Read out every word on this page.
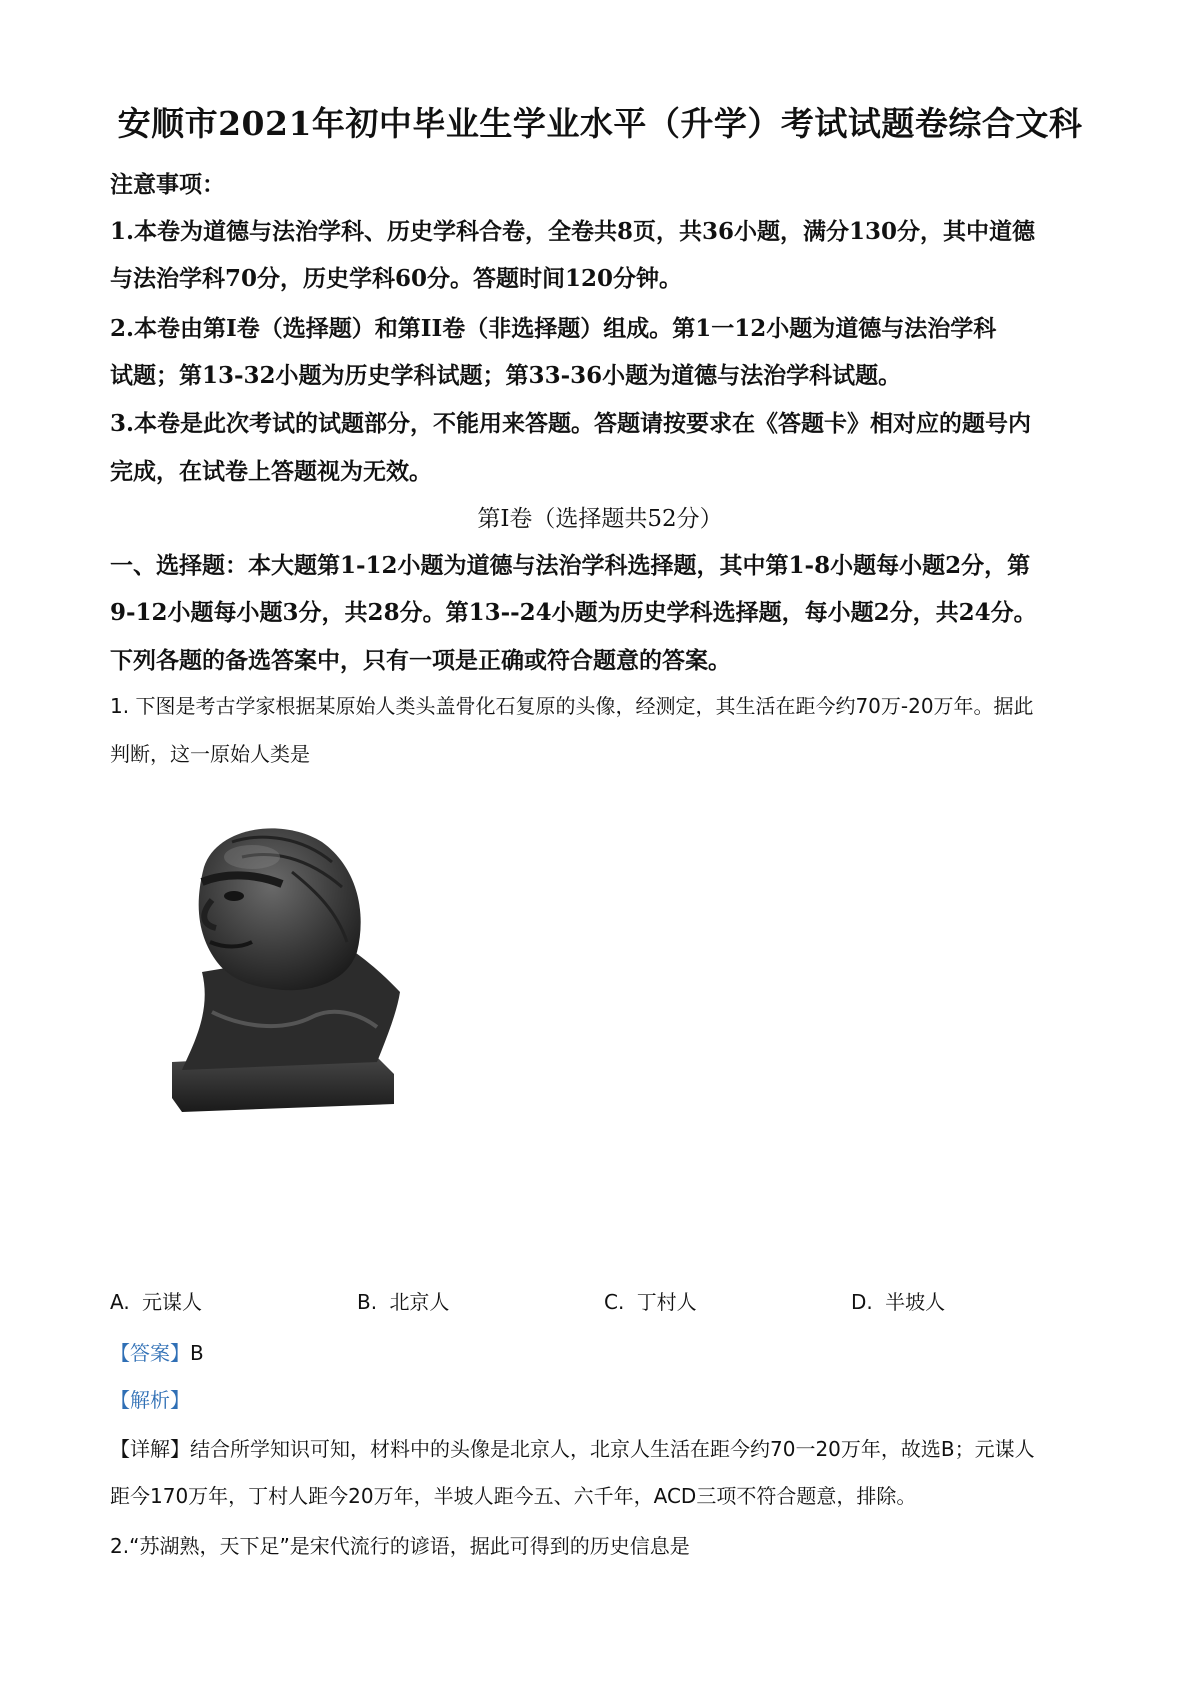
安顺市2021年初中毕业生学业水平（升学）考试试题卷综合文科
注意事项：
1.本卷为道德与法治学科、历史学科合卷，全卷共8页，共36小题，满分130分，其中道德
与法治学科70分，历史学科60分。答题时间120分钟。
2.本卷由第I卷（选择题）和第II卷（非选择题）组成。第1一12小题为道德与法治学科
试题；第13-32小题为历史学科试题；第33-36小题为道德与法治学科试题。
3.本卷是此次考试的试题部分，不能用来答题。答题请按要求在《答题卡》相对应的题号内
完成，在试卷上答题视为无效。
第I卷（选择题共52分）
一、选择题：本大题第1-12小题为道德与法治学科选择题，其中第1-8小题每小题2分，第
9-12小题每小题3分，共28分。第13--24小题为历史学科选择题，每小题2分，共24分。
下列各题的备选答案中，只有一项是正确或符合题意的答案。
1. 下图是考古学家根据某原始人类头盖骨化石复原的头像，经测定，其生活在距今约70万-20万年。据此
判断，这一原始人类是
A. 元谋人	B. 北京人	C. 丁村人	D. 半坡人
【答案】B
【解析】
【详解】结合所学知识可知，材料中的头像是北京人，北京人生活在距今约70一20万年，故选B；元谋人
距今170万年，丁村人距今20万年，半坡人距今五、六千年，ACD三项不符合题意，排除。
2.“苏湖熟，天下足”是宋代流行的谚语，据此可得到的历史信息是
